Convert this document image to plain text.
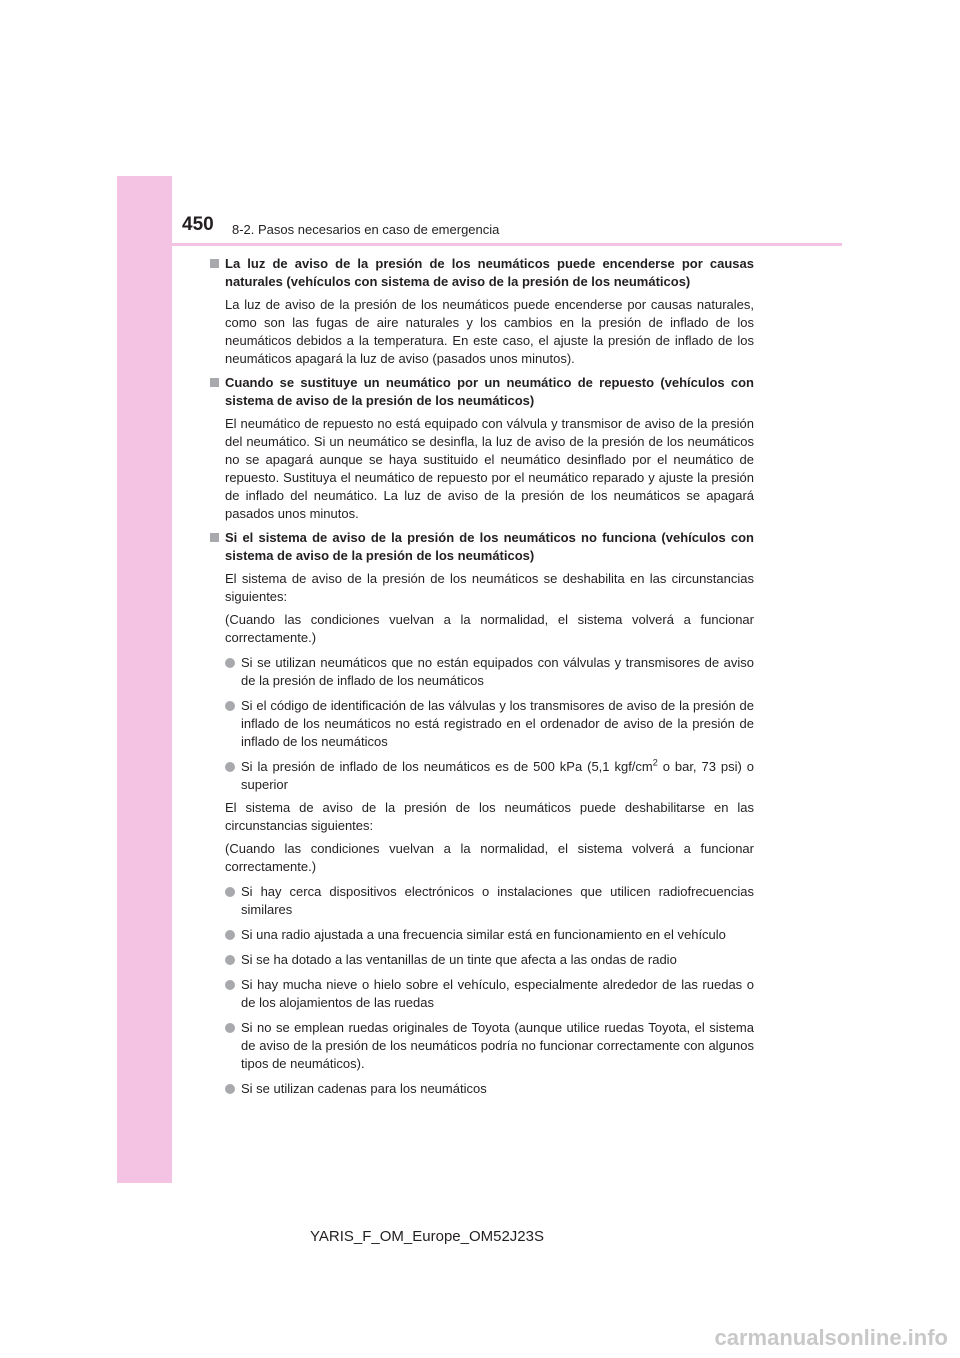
450 8-2. Pasos necesarios en caso de emergencia
La luz de aviso de la presión de los neumáticos puede encenderse por causas naturales (vehículos con sistema de aviso de la presión de los neumáticos)
La luz de aviso de la presión de los neumáticos puede encenderse por causas naturales, como son las fugas de aire naturales y los cambios en la presión de inflado de los neumáticos debidos a la temperatura. En este caso, el ajuste la presión de inflado de los neumáticos apagará la luz de aviso (pasados unos minutos).
Cuando se sustituye un neumático por un neumático de repuesto (vehículos con sistema de aviso de la presión de los neumáticos)
El neumático de repuesto no está equipado con válvula y transmisor de aviso de la presión del neumático. Si un neumático se desinfla, la luz de aviso de la presión de los neumáticos no se apagará aunque se haya sustituido el neumático desinflado por el neumático de repuesto. Sustituya el neumático de repuesto por el neumático reparado y ajuste la presión de inflado del neumático. La luz de aviso de la presión de los neumáticos se apagará pasados unos minutos.
Si el sistema de aviso de la presión de los neumáticos no funciona (vehículos con sistema de aviso de la presión de los neumáticos)
El sistema de aviso de la presión de los neumáticos se deshabilita en las circunstancias siguientes:
(Cuando las condiciones vuelvan a la normalidad, el sistema volverá a funcionar correctamente.)
Si se utilizan neumáticos que no están equipados con válvulas y transmisores de aviso de la presión de inflado de los neumáticos
Si el código de identificación de las válvulas y los transmisores de aviso de la presión de inflado de los neumáticos no está registrado en el ordenador de aviso de la presión de inflado de los neumáticos
Si la presión de inflado de los neumáticos es de 500 kPa (5,1 kgf/$cm^2$ o bar, 73 psi) o superior
El sistema de aviso de la presión de los neumáticos puede deshabilitarse en las circunstancias siguientes:
(Cuando las condiciones vuelvan a la normalidad, el sistema volverá a funcionar correctamente.)
Si hay cerca dispositivos electrónicos o instalaciones que utilicen radiofrecuencias similares
Si una radio ajustada a una frecuencia similar está en funcionamiento en el vehículo
Si se ha dotado a las ventanillas de un tinte que afecta a las ondas de radio
Si hay mucha nieve o hielo sobre el vehículo, especialmente alrededor de las ruedas o de los alojamientos de las ruedas
Si no se emplean ruedas originales de Toyota (aunque utilice ruedas Toyota, el sistema de aviso de la presión de los neumáticos podría no funcionar correctamente con algunos tipos de neumáticos).
Si se utilizan cadenas para los neumáticos
YARIS_F_OM_Europe_OM52J23S
carmanualsonline.info
